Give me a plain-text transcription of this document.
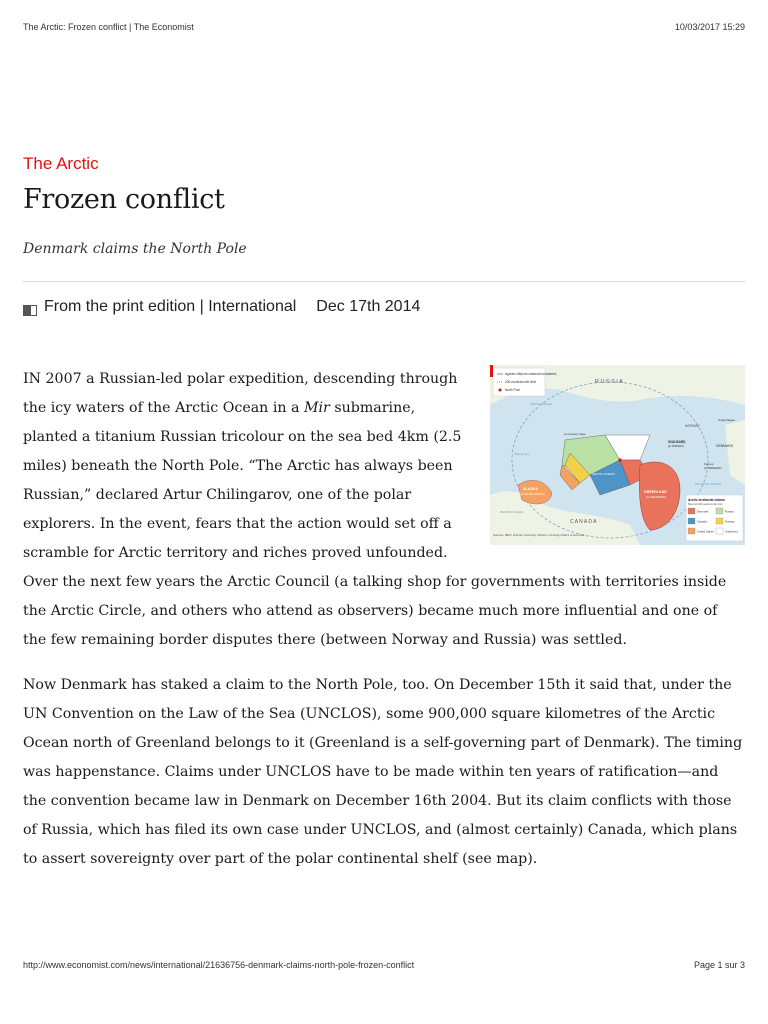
The Arctic: Frozen conflict | The Economist	10/03/2017 15:29

The Arctic

Frozen conflict

Denmark claims the North Pole

From the print edition | International Dec 17th 2014
Agreed offshore national boundaries
200-nautical-mile limit
North Pole
R U S S I A
C A N A D A
GREENLAND
(to DENMARK)
ALASKA
(to UNITED STATES)
NORWAY
DENMARK
Copenhagen
SVALBARD
(to NORWAY)
Faroes
(to DENMARK)
ATLANTIC OCEAN
PACIFIC OCEAN
ARCTIC OCEAN
Lomonosov ridge
Bering Sea
ARCTIC CIRCLE
Arctic territorial claims
Beyond 200 nautical-mile limit
Denmark	Russia
Canada	Norway
United States	Undefined
Sources: IBRU, Durham University; Ministry of Foreign Affairs of Denmark

IN 2007 a Russian-led polar expedition, descending through the icy waters of the Arctic Ocean in a Mir submarine, planted a titanium Russian tricolour on the sea bed 4km (2.5 miles) beneath the North Pole. “The Arctic has always been Russian,” declared Artur Chilingarov, one of the polar explorers. In the event, fears that the action would set off a scramble for Arctic territory and riches proved unfounded. Over the next few years the Arctic Council (a talking shop for governments with territories inside the Arctic Circle, and others who attend as observers) became much more influential and one of the few remaining border disputes there (between Norway and Russia) was settled.

Now Denmark has staked a claim to the North Pole, too. On December 15th it said that, under the UN Convention on the Law of the Sea (UNCLOS), some 900,000 square kilometres of the Arctic Ocean north of Greenland belongs to it (Greenland is a self-governing part of Denmark). The timing was happenstance. Claims under UNCLOS have to be made within ten years of ratification—and the convention became law in Denmark on December 16th 2004. But its claim conflicts with those of Russia, which has filed its own case under UNCLOS, and (almost certainly) Canada, which plans to assert sovereignty over part of the polar continental shelf (see map).

http://www.economist.com/news/international/21636756-denmark-claims-north-pole-frozen-conflict	Page 1 sur 3
